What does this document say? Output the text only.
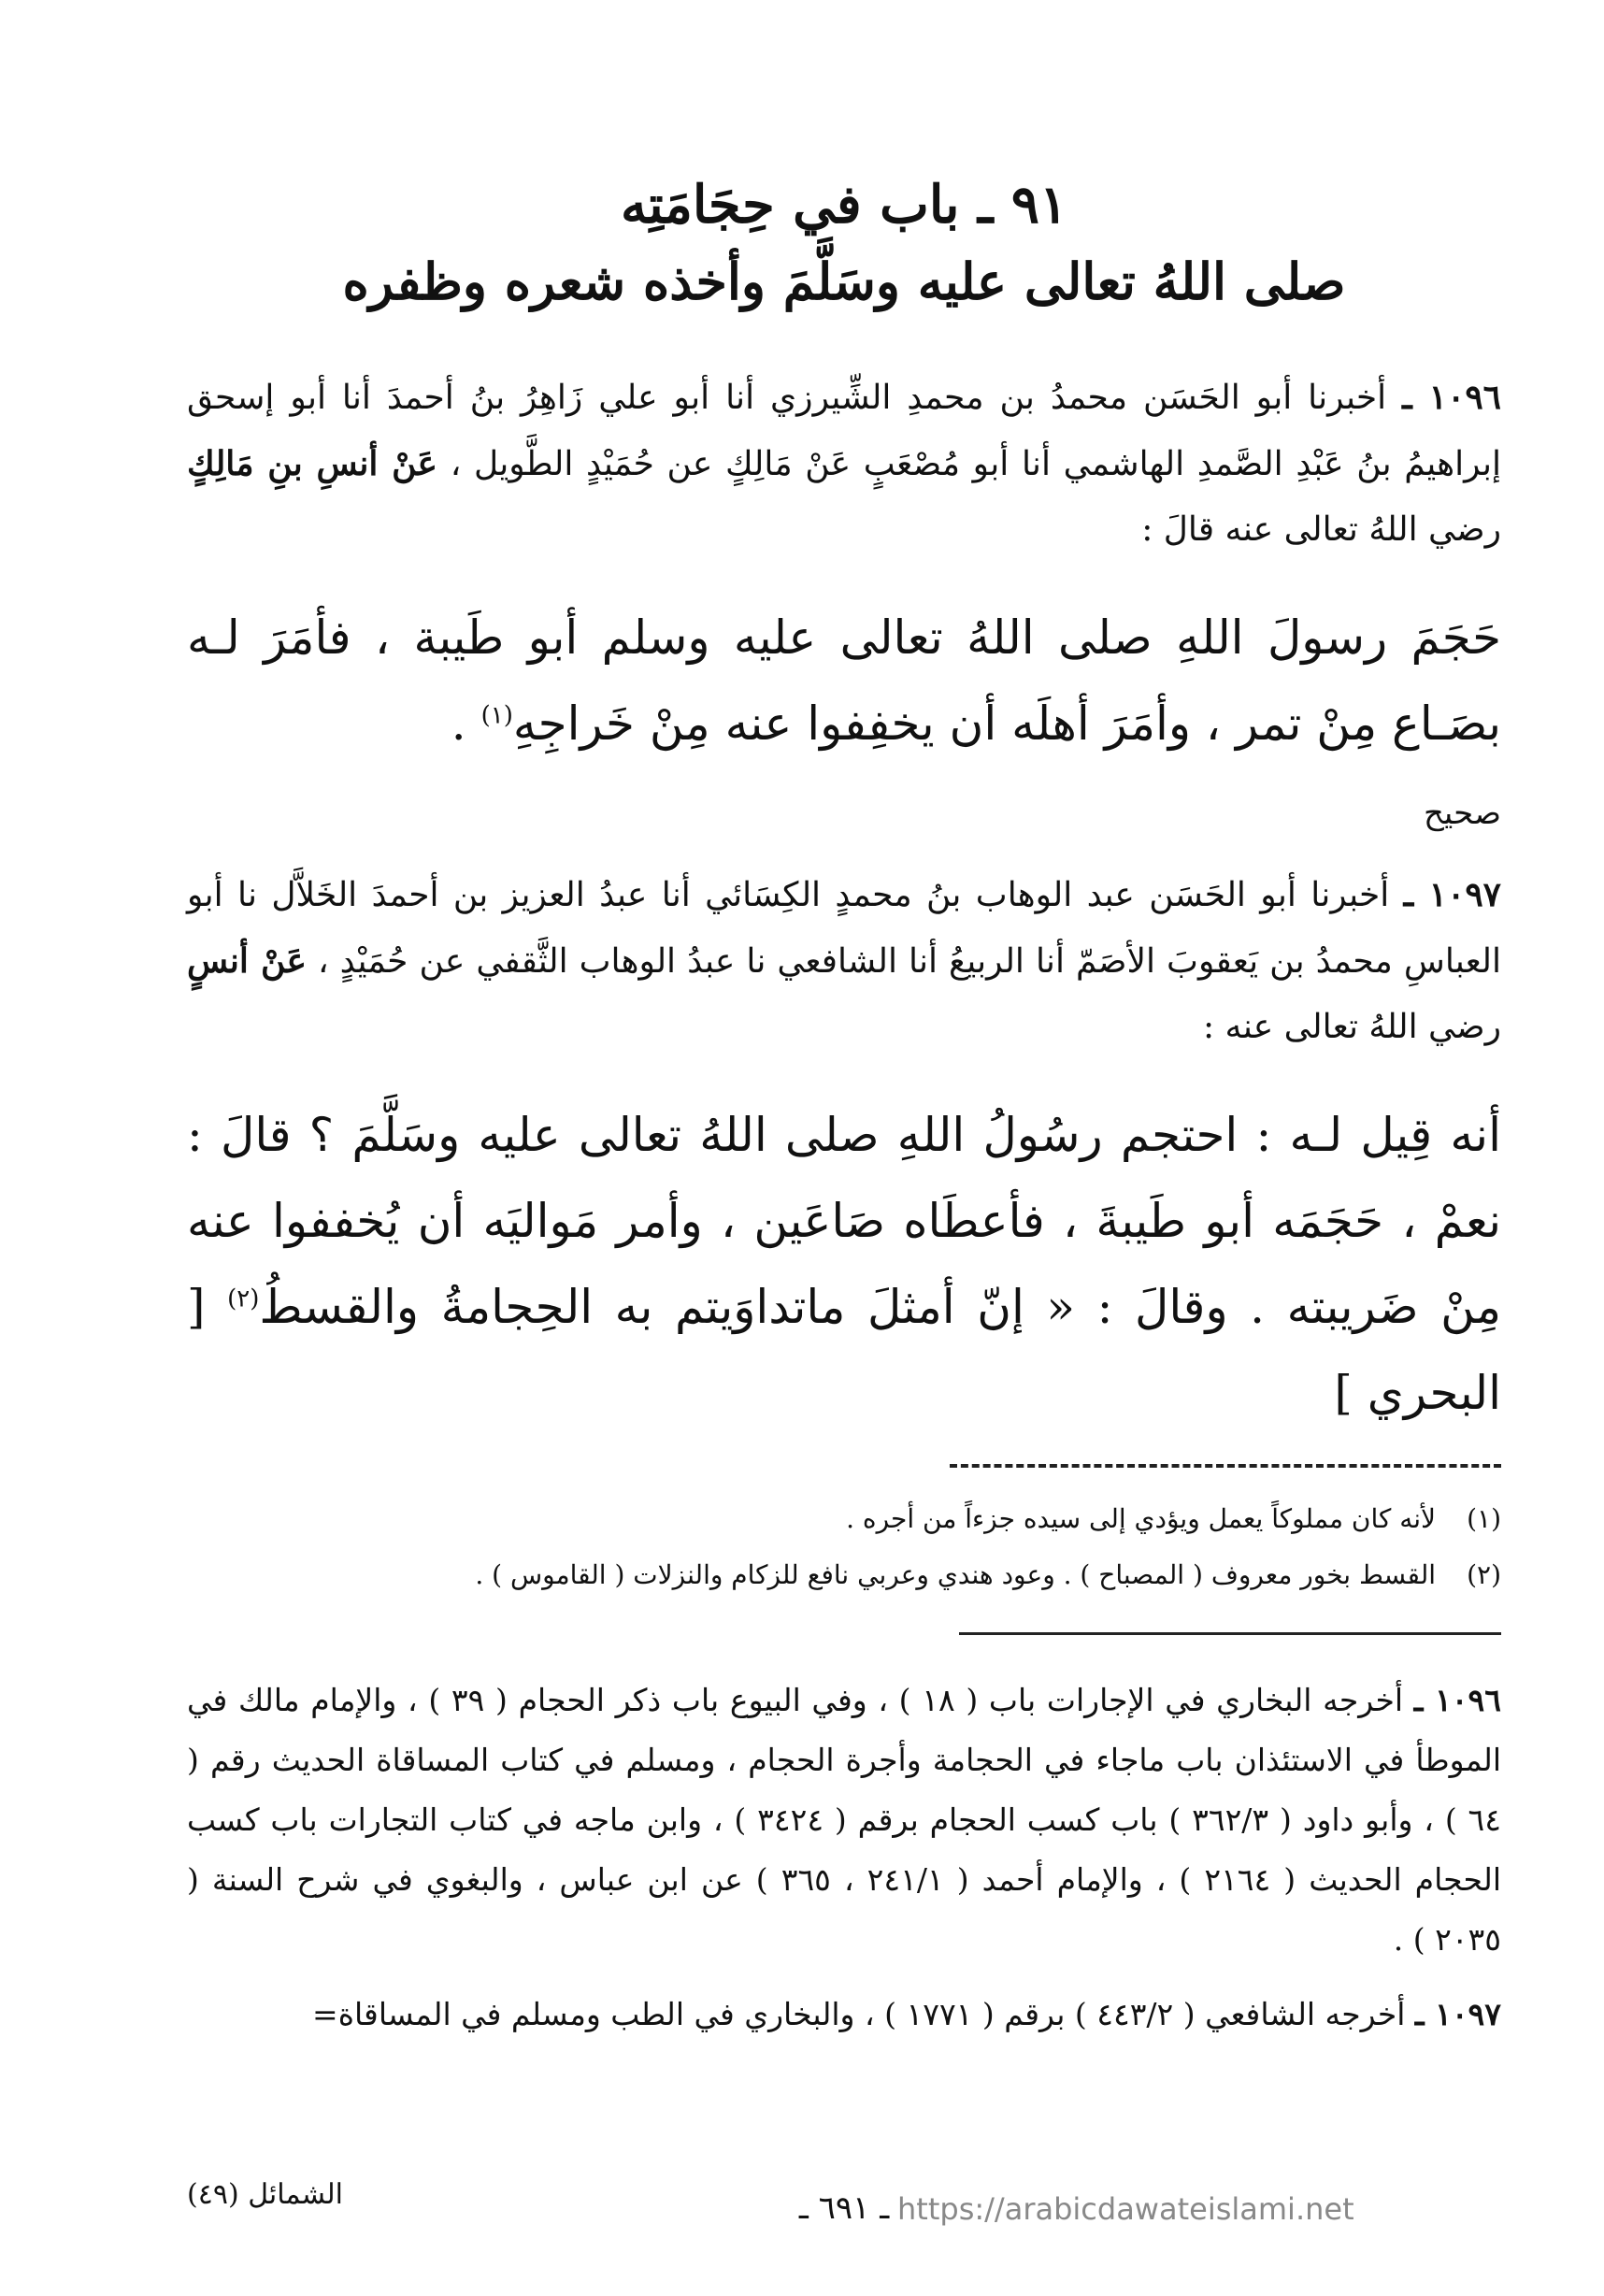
٩١ ـ باب في حِجَامَتِه
صلى اللهُ تعالى عليه وسَلَّمَ وأخذه شعره وظفره

١٠٩٦ ـ أخبرنا أبو الحَسَن محمدُ بن محمدِ الشِّيرزي أنا أبو علي زَاهِرُ بنُ أحمدَ أنا أبو إسحق إبراهيمُ بنُ عَبْدِ الصَّمدِ الهاشمي أنا أبو مُصْعَبٍ عَنْ مَالِكٍ عن حُمَيْدٍ الطَّويل ، عَنْ أنسِ بنِ مَالِكٍ رضي اللهُ تعالى عنه قالَ :

حَجَمَ رسولَ اللهِ صلى اللهُ تعالى عليه وسلم أبو طَيبة ، فأمَرَ لـه بصَـاع مِنْ تمر ، وأمَرَ أهلَه أن يخفِفوا عنه مِنْ خَراجِهِ$^{(١)}$ .

صحيح

١٠٩٧ ـ أخبرنا أبو الحَسَن عبد الوهاب بنُ محمدٍ الكِسَائي أنا عبدُ العزيز بن أحمدَ الخَلاَّل نا أبو العباسِ محمدُ بن يَعقوبَ الأصَمّ أنا الربيعُ أنا الشافعي نا عبدُ الوهاب الثَّقفي عن حُمَيْدٍ ، عَنْ أنسٍ رضي اللهُ تعالى عنه :

أنه قِيل لـه : احتجم رسُولُ اللهِ صلى اللهُ تعالى عليه وسَلَّمَ ؟ قالَ : نعمْ ، حَجَمَه أبو طَيبةَ ، فأعطَاه صَاعَين ، وأمر مَواليَه أن يُخففوا عنه مِنْ ضَريبته . وقالَ : « إنّ أمثلَ ماتداوَيتم به الحِجامةُ والقسطُ$^{(٢)}$ [ البحري ]

(١)
لأنه كان مملوكاً يعمل ويؤدي إلى سيده جزءاً من أجره .
(٢)
القسط بخور معروف ( المصباح ) . وعود هندي وعربي نافع للزكام والنزلات ( القاموس ) .

١٠٩٦ ـ أخرجه البخاري في الإجارات باب ( ١٨ ) ، وفي البيوع باب ذكر الحجام ( ٣٩ ) ، والإمام مالك في الموطأ في الاستئذان باب ماجاء في الحجامة وأجرة الحجام ، ومسلم في كتاب المساقاة الحديث رقم ( ٦٤ ) ، وأبو داود ( ٣٦٢/٣ ) باب كسب الحجام برقم ( ٣٤٢٤ ) ، وابن ماجه في كتاب التجارات باب كسب الحجام الحديث ( ٢١٦٤ ) ، والإمام أحمد ( ٢٤١/١ ، ٣٦٥ ) عن ابن عباس ، والبغوي في شرح السنة ( ٢٠٣٥ ) .

١٠٩٧ ـ أخرجه الشافعي ( ٤٤٣/٢ ) برقم ( ١٧٧١ ) ، والبخاري في الطب ومسلم في المساقاة=

الشمائل (٤٩)	ـ ٦٩١ ـ https://arabicdawateislami.net
